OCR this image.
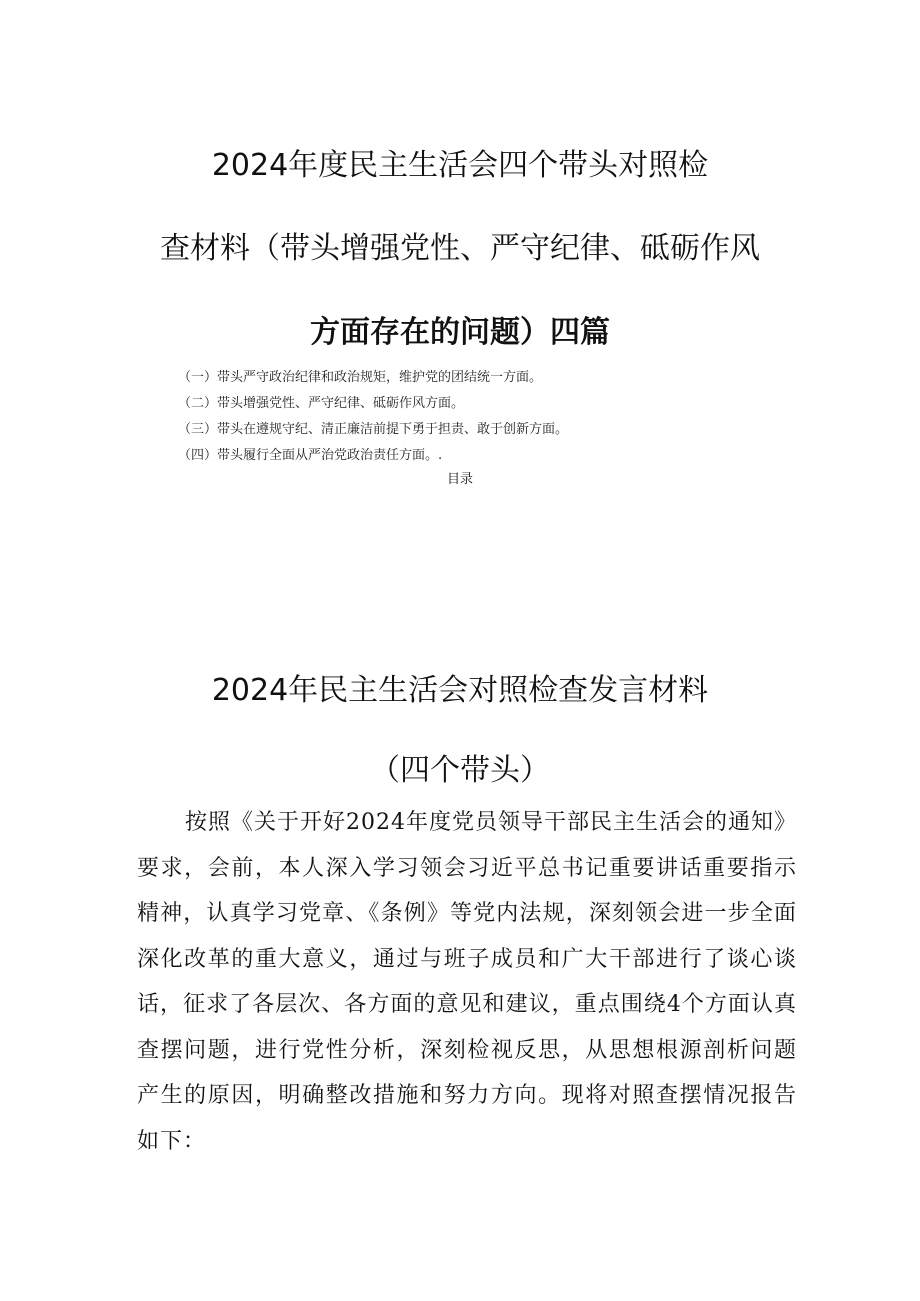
2024年度民主生活会四个带头对照检
查材料（带头增强党性、严守纪律、砥砺作风
方面存在的问题）四篇
（一）带头严守政治纪律和政治规矩，维护党的团结统一方面。
（二）带头增强党性、严守纪律、砥砺作风方面。
（三）带头在遵规守纪、清正廉洁前提下勇于担责、敢于创新方面。
（四）带头履行全面从严治党政治责任方面。.
目录
2024年民主生活会对照检查发言材料
（四个带头）
按照《关于开好2024年度党员领导干部民主生活会的通知》要求，会前，本人深入学习领会习近平总书记重要讲话重要指示精神，认真学习党章、《条例》等党内法规，深刻领会进一步全面深化改革的重大意义，通过与班子成员和广大干部进行了谈心谈话，征求了各层次、各方面的意见和建议，重点围绕4个方面认真查摆问题，进行党性分析，深刻检视反思，从思想根源剖析问题产生的原因，明确整改措施和努力方向。现将对照查摆情况报告如下：
